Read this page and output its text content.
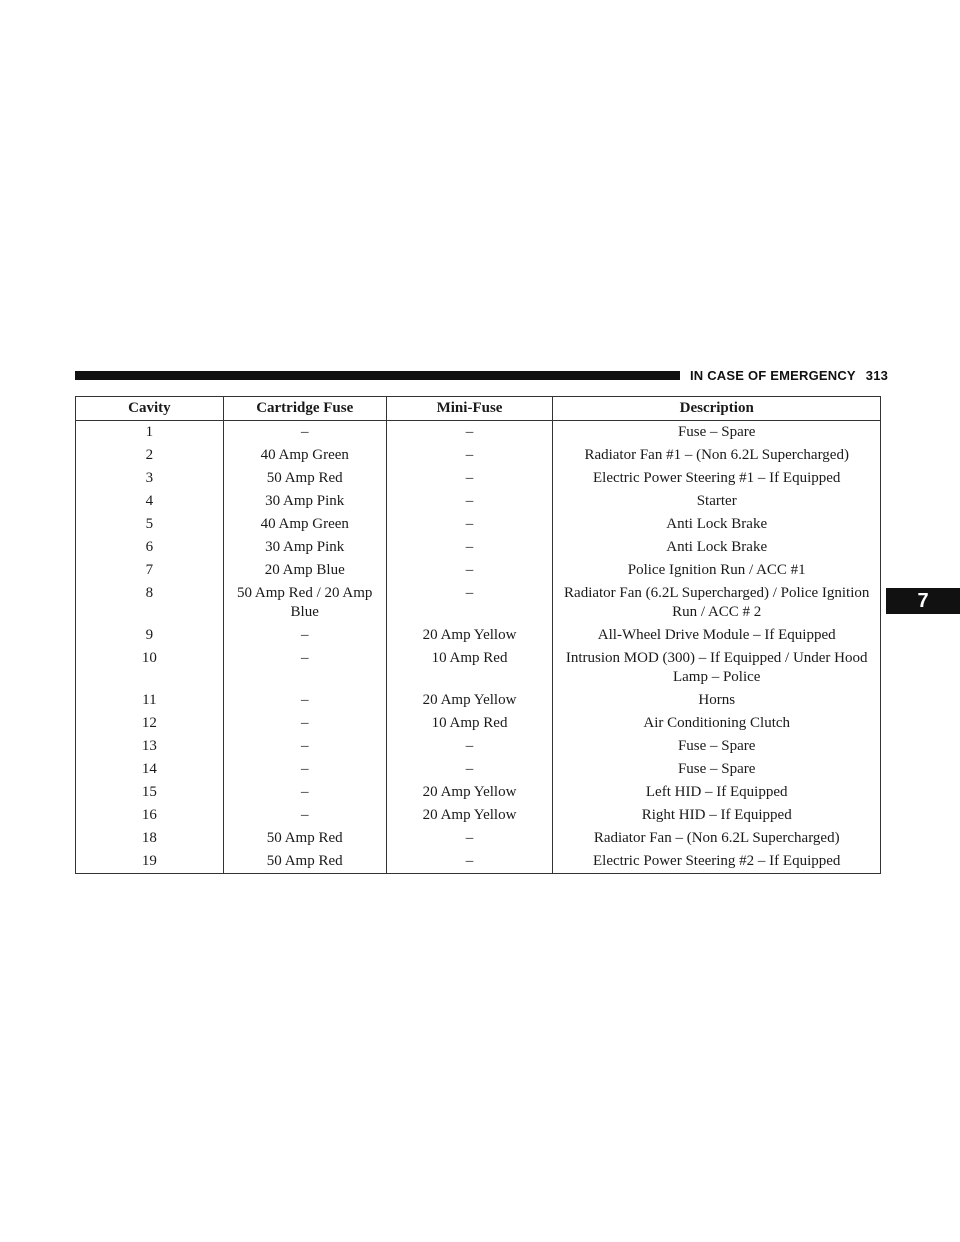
IN CASE OF EMERGENCY 313
7
Cavity	Cartridge Fuse	Mini-Fuse	Description
1	–	–	Fuse – Spare
2	40 Amp Green	–	Radiator Fan #1 – (Non 6.2L Supercharged)
3	50 Amp Red	–	Electric Power Steering #1 – If Equipped
4	30 Amp Pink	–	Starter
5	40 Amp Green	–	Anti Lock Brake
6	30 Amp Pink	–	Anti Lock Brake
7	20 Amp Blue	–	Police Ignition Run / ACC #1
8	50 Amp Red / 20 Amp Blue	–	Radiator Fan (6.2L Supercharged) / Police Ignition Run / ACC # 2
9	–	20 Amp Yellow	All-Wheel Drive Module – If Equipped
10	–	10 Amp Red	Intrusion MOD (300) – If Equipped / Under Hood Lamp – Police
11	–	20 Amp Yellow	Horns
12	–	10 Amp Red	Air Conditioning Clutch
13	–	–	Fuse – Spare
14	–	–	Fuse – Spare
15	–	20 Amp Yellow	Left HID – If Equipped
16	–	20 Amp Yellow	Right HID – If Equipped
18	50 Amp Red	–	Radiator Fan – (Non 6.2L Supercharged)
19	50 Amp Red	–	Electric Power Steering #2 – If Equipped
